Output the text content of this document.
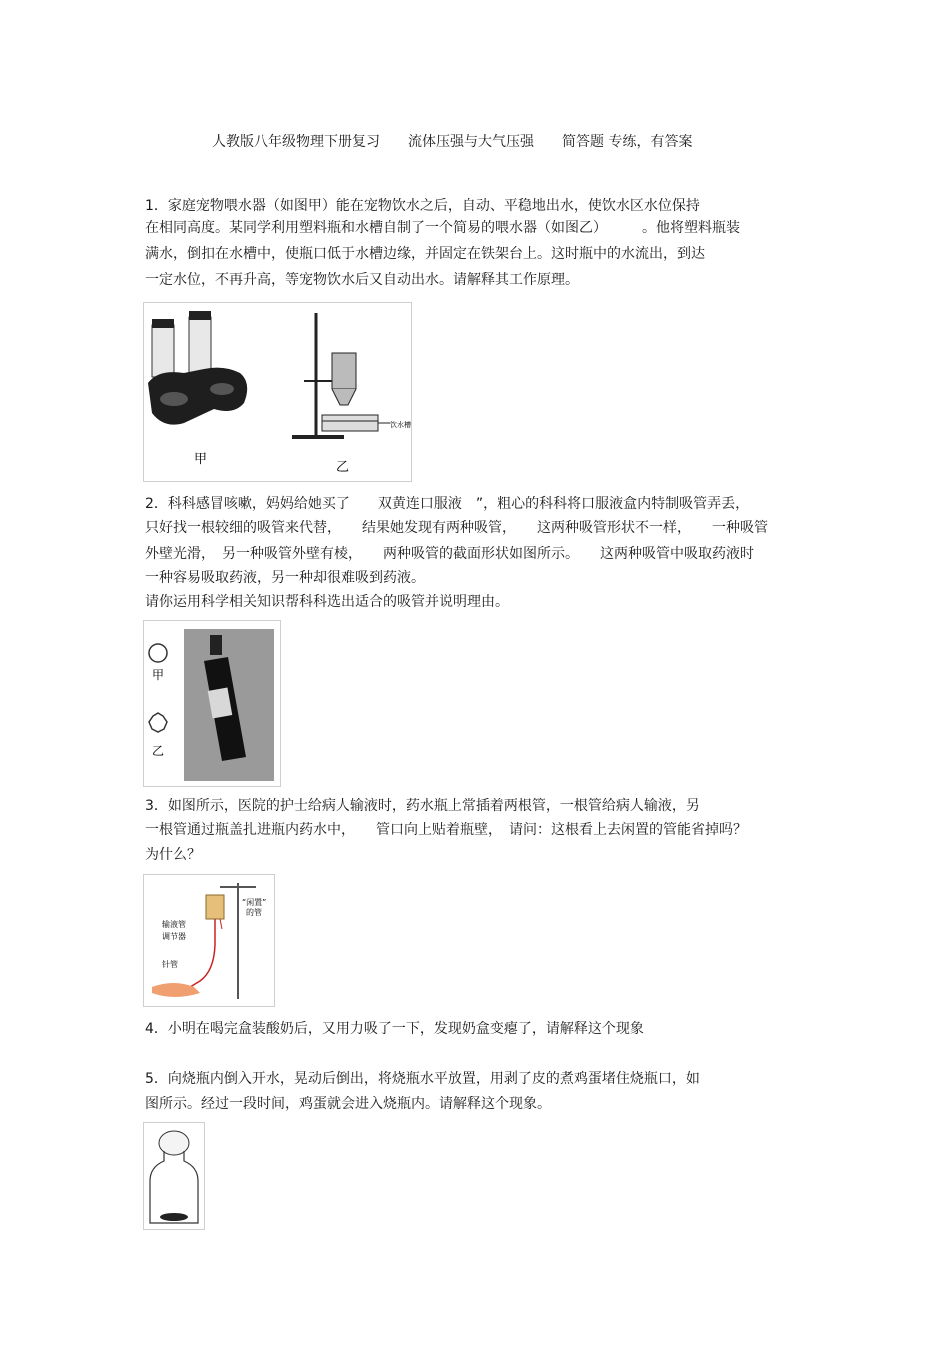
人教版八年级物理下册复习　　流体压强与大气压强　　简答题 专练，有答案
1．家庭宠物喂水器（如图甲）能在宠物饮水之后，自动、平稳地出水，使饮水区水位保持
在相同高度。某同学利用塑料瓶和水槽自制了一个简易的喂水器（如图乙）　　　。他将塑料瓶装
满水，倒扣在水槽中，使瓶口低于水槽边缘，并固定在铁架台上。这时瓶中的水流出，到达
一定水位，不再升高，等宠物饮水后又自动出水。请解释其工作原理。
甲
饮水槽
乙
2．科科感冒咳嗽，妈妈给她买了　　双黄连口服液　”，粗心的科科将口服液盒内特制吸管弄丢，
只好找一根较细的吸管来代替，　　结果她发现有两种吸管，　　这两种吸管形状不一样，　　一种吸管
外壁光滑，　另一种吸管外壁有棱，　　两种吸管的截面形状如图所示。　　这两种吸管中吸取药液时
一种容易吸取药液，另一种却很难吸到药液。
请你运用科学相关知识帮科科选出适合的吸管并说明理由。
甲
乙
3．如图所示，医院的护士给病人输液时，药水瓶上常插着两根管，一根管给病人输液，另
一根管通过瓶盖扎进瓶内药水中，　　管口向上贴着瓶壁，　请问：这根看上去闲置的管能省掉吗？
为什么？
“闲置”
的管
输液管
调节器
针管
4．小明在喝完盒装酸奶后，又用力吸了一下，发现奶盒变瘪了，请解释这个现象
5．向烧瓶内倒入开水，晃动后倒出，将烧瓶水平放置，用剥了皮的煮鸡蛋堵住烧瓶口，如
图所示。经过一段时间，鸡蛋就会进入烧瓶内。请解释这个现象。
